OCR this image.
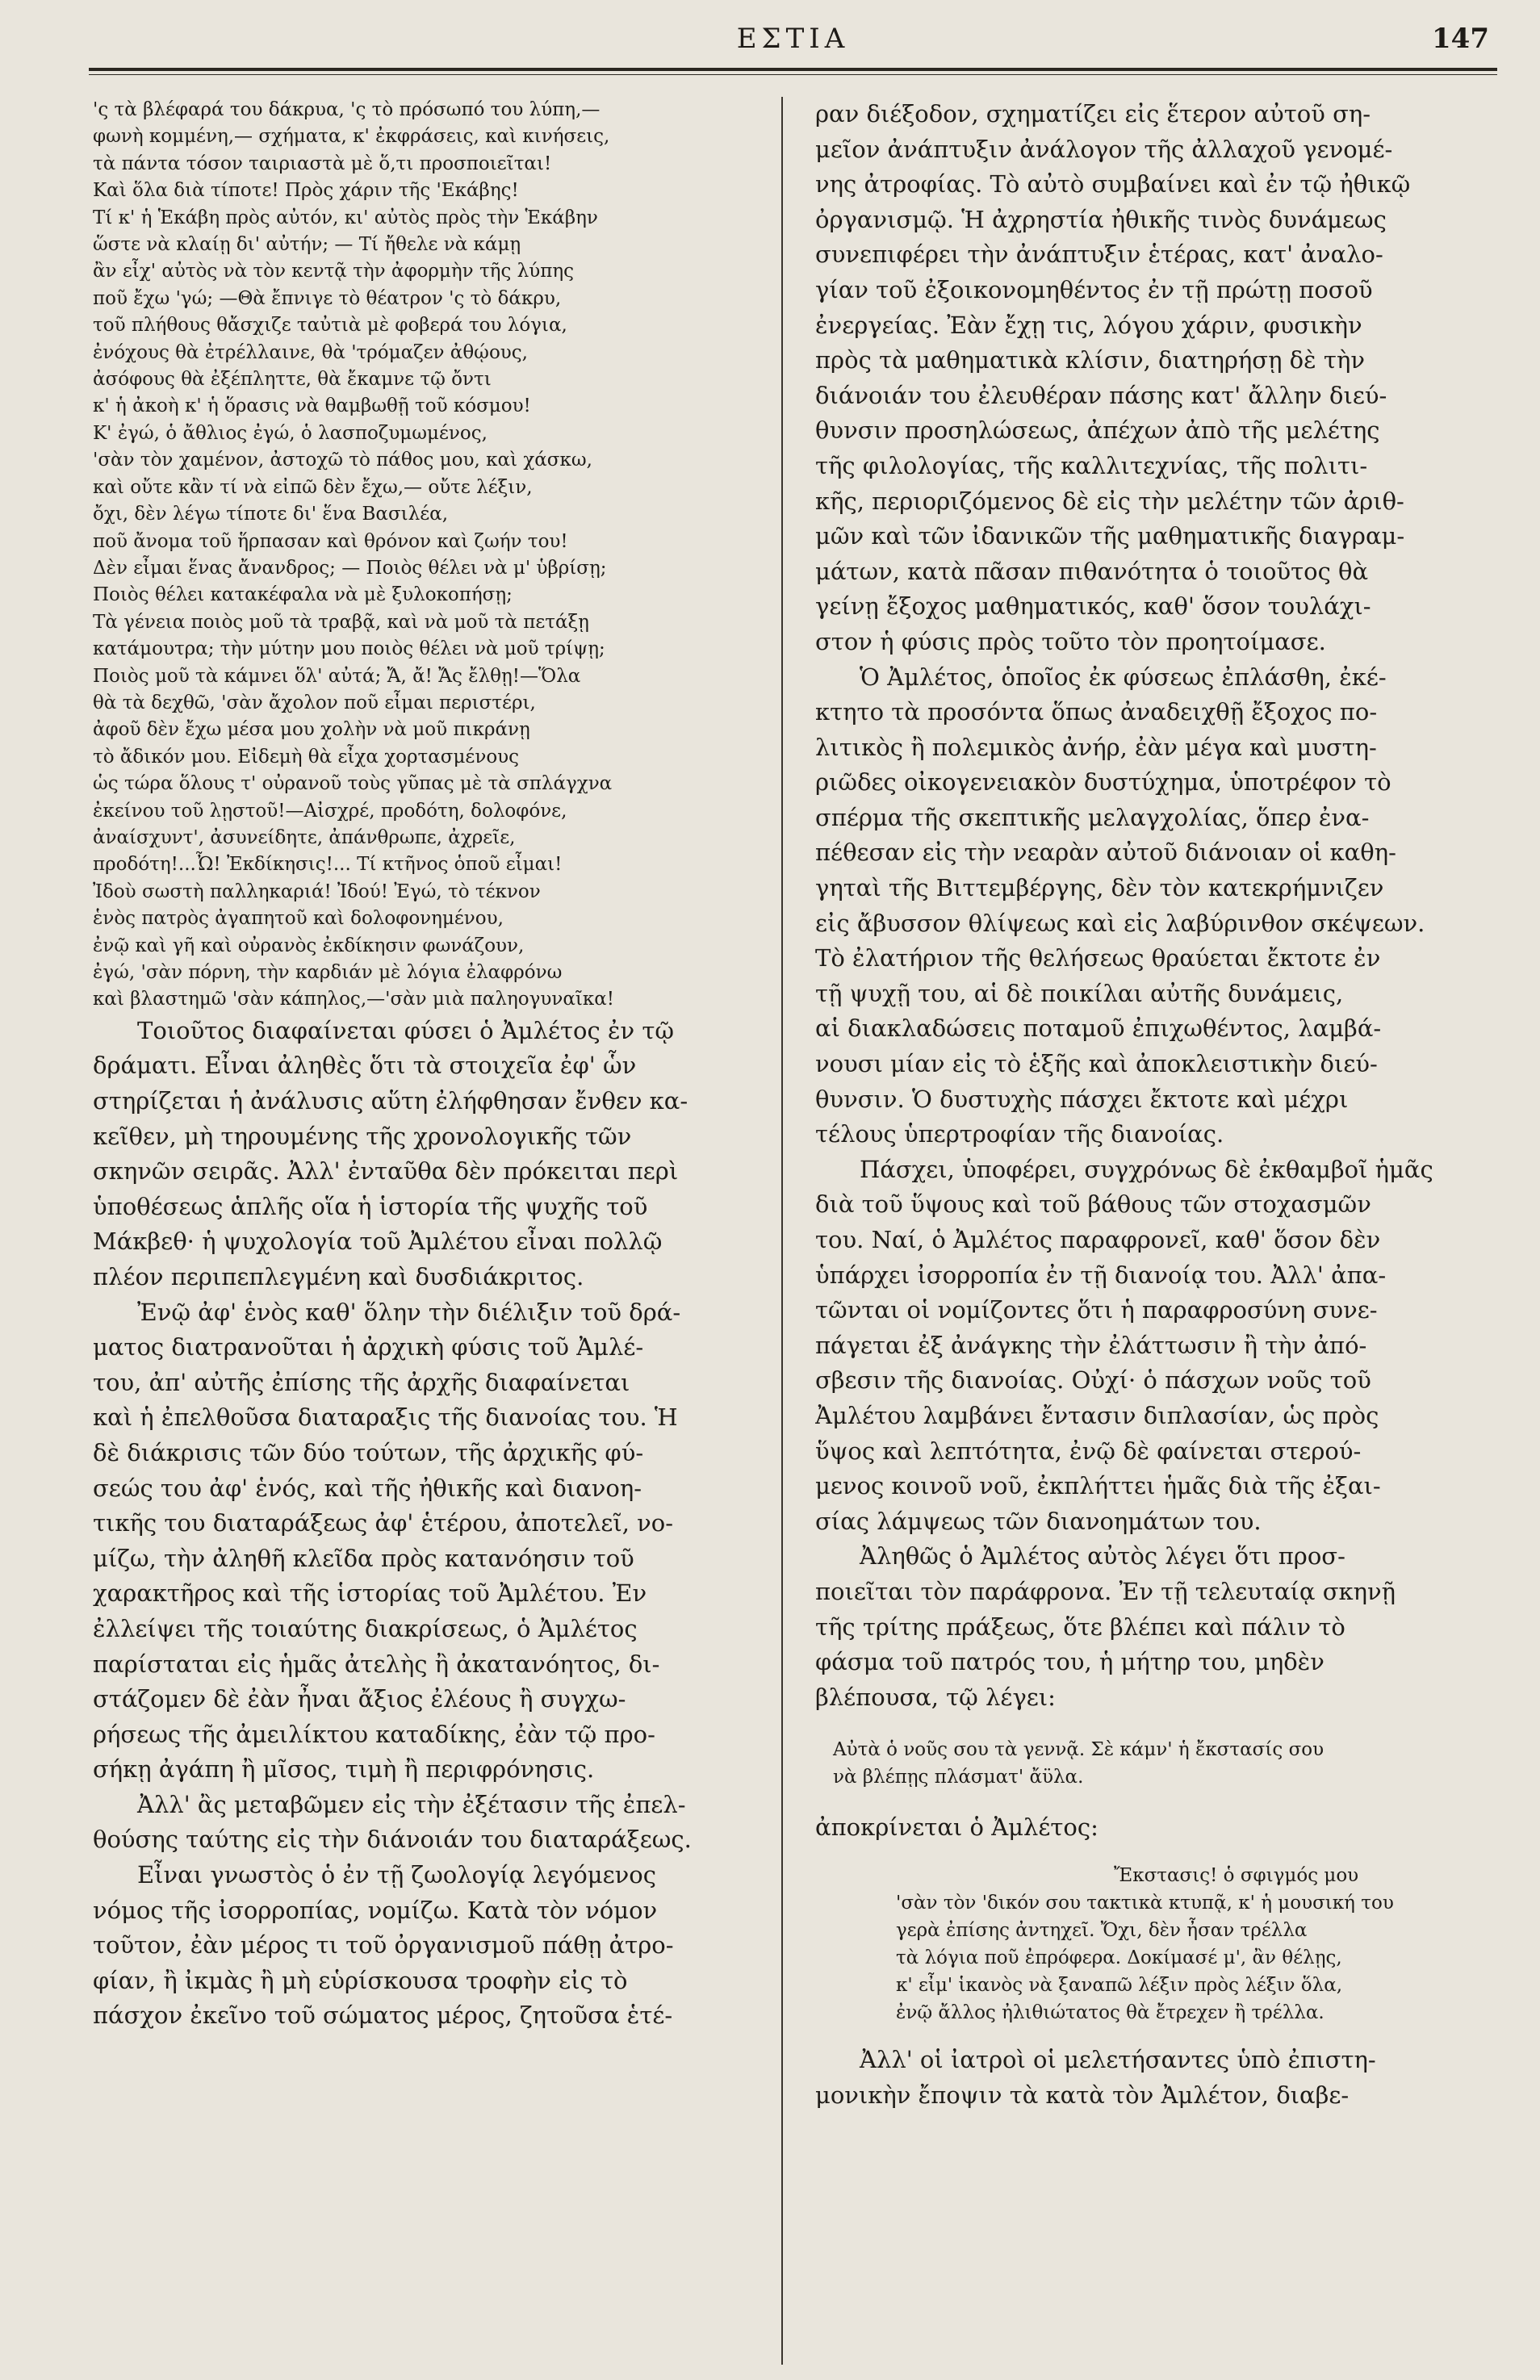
ΕΣΤΙΑ	147
'ς τὰ βλέφαρά του δάκρυα, 'ς τὸ πρόσωπό του λύπη,—
φωνὴ κομμένη,— σχήματα, κ' ἐκφράσεις, καὶ κινήσεις,
τὰ πάντα τόσον ταιριαστὰ μὲ ὅ,τι προσποιεῖται!
Καὶ ὅλα διὰ τίποτε! Πρὸς χάριν τῆς 'Εκάβης!
Τί κ' ἡ Ἑκάβη πρὸς αὐτόν, κι' αὐτὸς πρὸς τὴν Ἑκάβην
ὥστε νὰ κλαίῃ δι' αὐτήν; — Τί ἤθελε νὰ κάμῃ
ἂν εἶχ' αὐτὸς νὰ τὸν κεντᾷ τὴν ἀφορμὴν τῆς λύπης
ποῦ ἔχω 'γώ; —Θὰ ἔπνιγε τὸ θέατρον 'ς τὸ δάκρυ,
τοῦ πλήθους θἄσχιζε ταὐτιὰ μὲ φοβερά του λόγια,
ἐνόχους θὰ ἐτρέλλαινε, θὰ 'τρόμαζεν ἀθῴους,
ἀσόφους θὰ ἐξέπληττε, θὰ ἔκαμνε τῷ ὄντι
κ' ἡ ἀκοὴ κ' ἡ ὅρασις νὰ θαμβωθῇ τοῦ κόσμου!
Κ' ἐγώ, ὁ ἄθλιος ἐγώ, ὁ λασποζυμωμένος,
'σὰν τὸν χαμένον, ἀστοχῶ τὸ πάθος μου, καὶ χάσκω,
καὶ οὔτε κἂν τί νὰ εἰπῶ δὲν ἔχω,— οὔτε λέξιν,
ὄχι, δὲν λέγω τίποτε δι' ἕνα Βασιλέα,
ποῦ ἄνομα τοῦ ἥρπασαν καὶ θρόνον καὶ ζωήν του!
Δὲν εἶμαι ἕνας ἄνανδρος; — Ποιὸς θέλει νὰ μ' ὑβρίσῃ;
Ποιὸς θέλει κατακέφαλα νὰ μὲ ξυλοκοπήσῃ;
Τὰ γένεια ποιὸς μοῦ τὰ τραβᾷ, καὶ νὰ μοῦ τὰ πετάξῃ
κατάμουτρα; τὴν μύτην μου ποιὸς θέλει νὰ μοῦ τρίψῃ;
Ποιὸς μοῦ τὰ κάμνει ὅλ' αὐτά; Ἄ, ἄ! Ἄς ἔλθῃ!—Ὅλα
θὰ τὰ δεχθῶ, 'σὰν ἄχολον ποῦ εἶμαι περιστέρι,
ἀφοῦ δὲν ἔχω μέσα μου χολὴν νὰ μοῦ πικράνῃ
τὸ ἄδικόν μου. Εἰδεμὴ θὰ εἶχα χορτασμένους
ὡς τώρα ὅλους τ' οὐρανοῦ τοὺς γῦπας μὲ τὰ σπλάγχνα
ἐκείνου τοῦ λῃστοῦ!—Αἰσχρέ, προδότη, δολοφόνε,
ἀναίσχυντ', ἀσυνείδητε, ἀπάνθρωπε, ἀχρεῖε,
προδότη!...Ὦ! Ἐκδίκησις!... Τί κτῆνος ὁποῦ εἶμαι!
Ἰδοὺ σωστὴ παλληκαριά! Ἰδού! Ἐγώ, τὸ τέκνον
ἑνὸς πατρὸς ἀγαπητοῦ καὶ δολοφονημένου,
ἐνῷ καὶ γῆ καὶ οὐρανὸς ἐκδίκησιν φωνάζουν,
ἐγώ, 'σὰν πόρνη, τὴν καρδιάν μὲ λόγια ἐλαφρόνω
καὶ βλαστημῶ 'σὰν κάπηλος,—'σὰν μιὰ παληογυναῖκα!
Τοιοῦτος διαφαίνεται φύσει ὁ Ἀμλέτος ἐν τῷ
δράματι. Εἶναι ἀληθὲς ὅτι τὰ στοιχεῖα ἐφ' ὧν
στηρίζεται ἡ ἀνάλυσις αὕτη ἐλήφθησαν ἔνθεν κα-
κεῖθεν, μὴ τηρουμένης τῆς χρονολογικῆς τῶν
σκηνῶν σειρᾶς. Ἀλλ' ἐνταῦθα δὲν πρόκειται περὶ
ὑποθέσεως ἁπλῆς οἵα ἡ ἱστορία τῆς ψυχῆς τοῦ
Μάκβεθ· ἡ ψυχολογία τοῦ Ἀμλέτου εἶναι πολλῷ
πλέον περιπεπλεγμένη καὶ δυσδιάκριτος.
Ἐνῷ ἀφ' ἑνὸς καθ' ὅλην τὴν διέλιξιν τοῦ δρά-
ματος διατρανοῦται ἡ ἀρχικὴ φύσις τοῦ Ἀμλέ-
του, ἀπ' αὐτῆς ἐπίσης τῆς ἀρχῆς διαφαίνεται
καὶ ἡ ἐπελθοῦσα διαταραξις τῆς διανοίας του. Ἡ
δὲ διάκρισις τῶν δύο τούτων, τῆς ἀρχικῆς φύ-
σεώς του ἀφ' ἑνός, καὶ τῆς ἠθικῆς καὶ διανοη-
τικῆς του διαταράξεως ἀφ' ἑτέρου, ἀποτελεῖ, νο-
μίζω, τὴν ἀληθῆ κλεῖδα πρὸς κατανόησιν τοῦ
χαρακτῆρος καὶ τῆς ἱστορίας τοῦ Ἀμλέτου. Ἐν
ἐλλείψει τῆς τοιαύτης διακρίσεως, ὁ Ἀμλέτος
παρίσταται εἰς ἡμᾶς ἀτελὴς ἢ ἀκατανόητος, δι-
στάζομεν δὲ ἐὰν ἦναι ἄξιος ἐλέους ἢ συγχω-
ρήσεως τῆς ἀμειλίκτου καταδίκης, ἐὰν τῷ προ-
σήκῃ ἀγάπη ἢ μῖσος, τιμὴ ἢ περιφρόνησις.
Ἀλλ' ἂς μεταβῶμεν εἰς τὴν ἐξέτασιν τῆς ἐπελ-
θούσης ταύτης εἰς τὴν διάνοιάν του διαταράξεως.
Εἶναι γνωστὸς ὁ ἐν τῇ ζωολογίᾳ λεγόμενος
νόμος τῆς ἰσορροπίας, νομίζω. Κατὰ τὸν νόμον
τοῦτον, ἐὰν μέρος τι τοῦ ὀργανισμοῦ πάθῃ ἀτρο-
φίαν, ἢ ἰκμὰς ἢ μὴ εὑρίσκουσα τροφὴν εἰς τὸ
πάσχον ἐκεῖνο τοῦ σώματος μέρος, ζητοῦσα ἑτέ-
ραν διέξοδον, σχηματίζει εἰς ἕτερον αὐτοῦ ση-
μεῖον ἀνάπτυξιν ἀνάλογον τῆς ἀλλαχοῦ γενομέ-
νης ἀτροφίας. Τὸ αὐτὸ συμβαίνει καὶ ἐν τῷ ἠθικῷ
ὀργανισμῷ. Ἡ ἀχρηστία ἠθικῆς τινὸς δυνάμεως
συνεπιφέρει τὴν ἀνάπτυξιν ἑτέρας, κατ' ἀναλο-
γίαν τοῦ ἐξοικονομηθέντος ἐν τῇ πρώτῃ ποσοῦ
ἐνεργείας. Ἐὰν ἔχῃ τις, λόγου χάριν, φυσικὴν
πρὸς τὰ μαθηματικὰ κλίσιν, διατηρήσῃ δὲ τὴν
διάνοιάν του ἐλευθέραν πάσης κατ' ἄλλην διεύ-
θυνσιν προσηλώσεως, ἀπέχων ἀπὸ τῆς μελέτης
τῆς φιλολογίας, τῆς καλλιτεχνίας, τῆς πολιτι-
κῆς, περιοριζόμενος δὲ εἰς τὴν μελέτην τῶν ἀριθ-
μῶν καὶ τῶν ἰδανικῶν τῆς μαθηματικῆς διαγραμ-
μάτων, κατὰ πᾶσαν πιθανότητα ὁ τοιοῦτος θὰ
γείνῃ ἔξοχος μαθηματικός, καθ' ὅσον τουλάχι-
στον ἡ φύσις πρὸς τοῦτο τὸν προητοίμασε.
Ὁ Ἀμλέτος, ὁποῖος ἐκ φύσεως ἐπλάσθη, ἐκέ-
κτητο τὰ προσόντα ὅπως ἀναδειχθῇ ἔξοχος πο-
λιτικὸς ἢ πολεμικὸς ἀνήρ, ἐὰν μέγα καὶ μυστη-
ριῶδες οἰκογενειακὸν δυστύχημα, ὑποτρέφον τὸ
σπέρμα τῆς σκεπτικῆς μελαγχολίας, ὅπερ ἐνα-
πέθεσαν εἰς τὴν νεαρὰν αὐτοῦ διάνοιαν οἱ καθη-
γηταὶ τῆς Βιττεμβέργης, δὲν τὸν κατεκρήμνιζεν
εἰς ἄβυσσον θλίψεως καὶ εἰς λαβύρινθον σκέψεων.
Τὸ ἐλατήριον τῆς θελήσεως θραύεται ἔκτοτε ἐν
τῇ ψυχῇ του, αἱ δὲ ποικίλαι αὐτῆς δυνάμεις,
αἱ διακλαδώσεις ποταμοῦ ἐπιχωθέντος, λαμβά-
νουσι μίαν εἰς τὸ ἑξῆς καὶ ἀποκλειστικὴν διεύ-
θυνσιν. Ὁ δυστυχὴς πάσχει ἔκτοτε καὶ μέχρι
τέλους ὑπερτροφίαν τῆς διανοίας.
Πάσχει, ὑποφέρει, συγχρόνως δὲ ἐκθαμβοῖ ἡμᾶς
διὰ τοῦ ὕψους καὶ τοῦ βάθους τῶν στοχασμῶν
του. Ναί, ὁ Ἀμλέτος παραφρονεῖ, καθ' ὅσον δὲν
ὑπάρχει ἰσορροπία ἐν τῇ διανοίᾳ του. Ἀλλ' ἀπα-
τῶνται οἱ νομίζοντες ὅτι ἡ παραφροσύνη συνε-
πάγεται ἐξ ἀνάγκης τὴν ἐλάττωσιν ἢ τὴν ἀπό-
σβεσιν τῆς διανοίας. Οὐχί· ὁ πάσχων νοῦς τοῦ
Ἀμλέτου λαμβάνει ἔντασιν διπλασίαν, ὡς πρὸς
ὕψος καὶ λεπτότητα, ἐνῷ δὲ φαίνεται στερού-
μενος κοινοῦ νοῦ, ἐκπλήττει ἡμᾶς διὰ τῆς ἐξαι-
σίας λάμψεως τῶν διανοημάτων του.
Ἀληθῶς ὁ Ἀμλέτος αὐτὸς λέγει ὅτι προσ-
ποιεῖται τὸν παράφρονα. Ἐν τῇ τελευταίᾳ σκηνῇ
τῆς τρίτης πράξεως, ὅτε βλέπει καὶ πάλιν τὸ
φάσμα τοῦ πατρός του, ἡ μήτηρ του, μηδὲν
βλέπουσα, τῷ λέγει:
Αὐτὰ ὁ νοῦς σου τὰ γεννᾷ. Σὲ κάμν' ἡ ἔκστασίς σου
νὰ βλέπῃς πλάσματ' ἄϋλα.
ἀποκρίνεται ὁ Ἀμλέτος:
Ἔκστασις! ὁ σφιγμός μου
'σὰν τὸν 'δικόν σου τακτικὰ κτυπᾷ, κ' ἡ μουσική του
γερὰ ἐπίσης ἀντηχεῖ. Ὄχι, δὲν ἦσαν τρέλλα
τὰ λόγια ποῦ ἐπρόφερα. Δοκίμασέ μ', ἂν θέλῃς,
κ' εἶμ' ἱκανὸς νὰ ξαναπῶ λέξιν πρὸς λέξιν ὅλα,
ἐνῷ ἄλλος ἠλιθιώτατος θὰ ἔτρεχεν ἢ τρέλλα.
Ἀλλ' οἱ ἰατροὶ οἱ μελετήσαντες ὑπὸ ἐπιστη-
μονικὴν ἔποψιν τὰ κατὰ τὸν Ἀμλέτον, διαβε-
